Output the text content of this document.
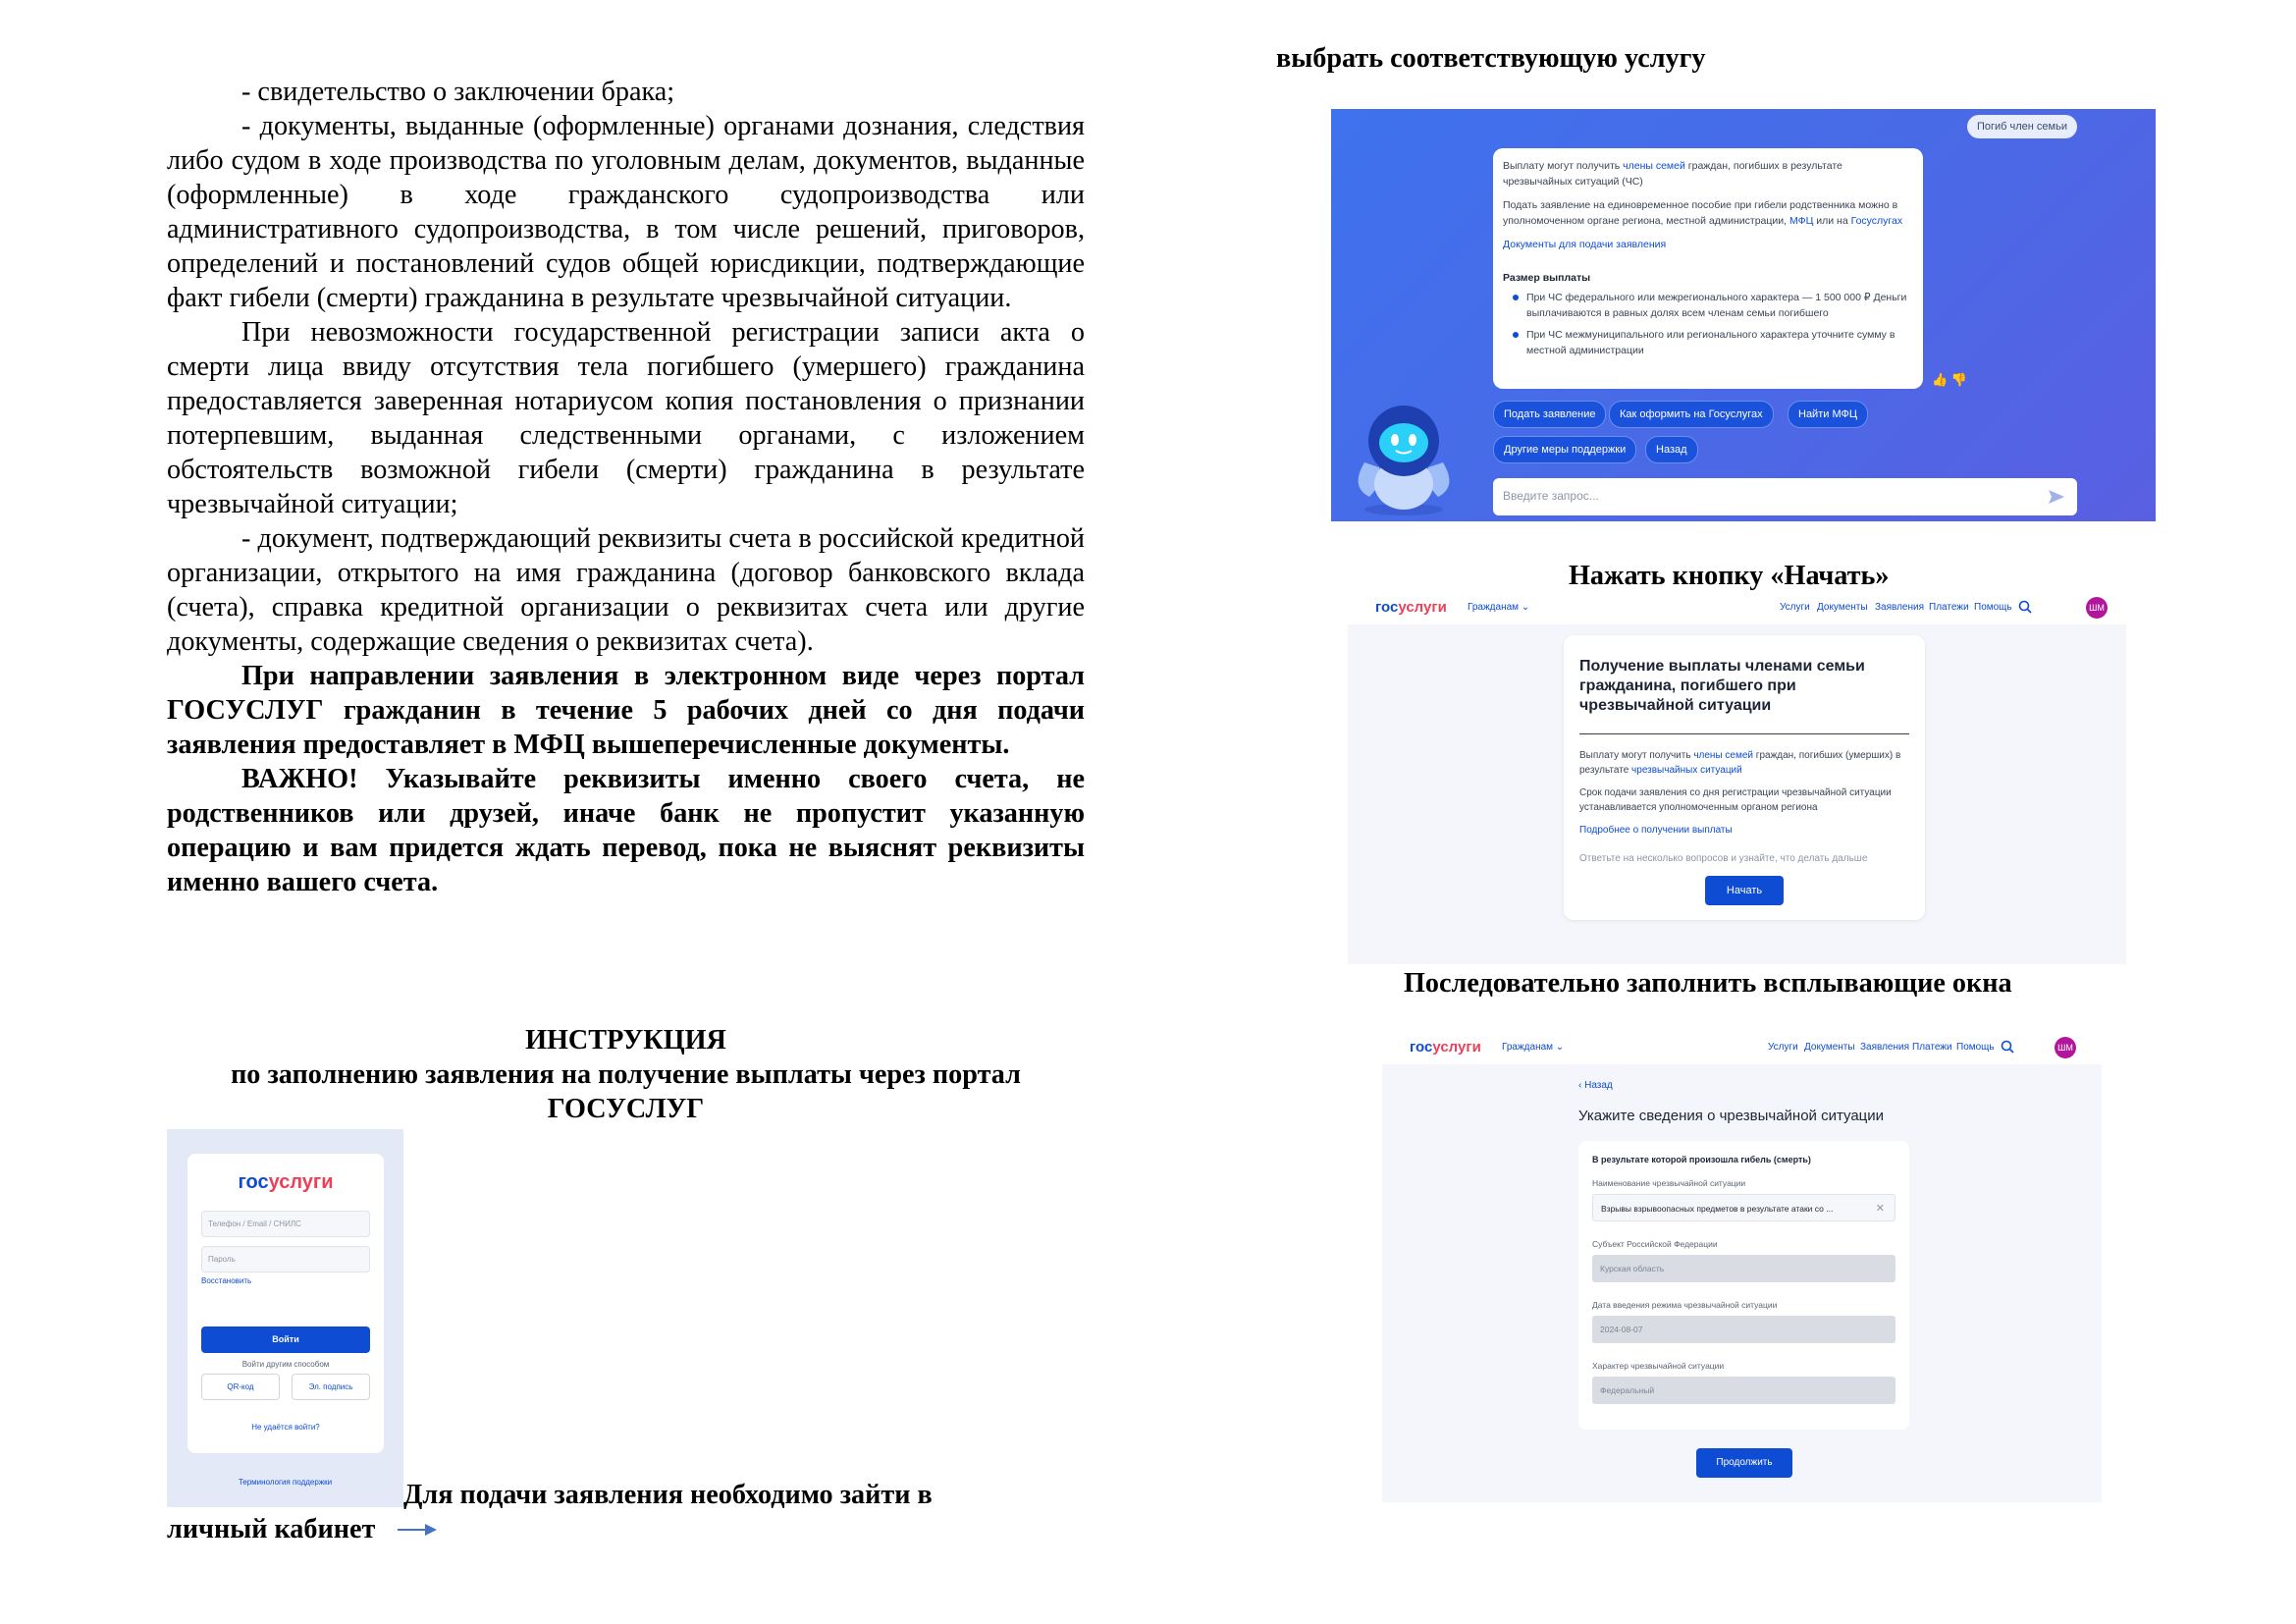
- свидетельство о заключении брака;

- документы, выданные (оформленные) органами дознания, следствия либо судом в ходе производства по уголовным делам, документов, выданные (оформленные) в ходе гражданского судопроизводства или административного судопроизводства, в том числе решений, приговоров, определений и постановлений судов общей юрисдикции, подтверждающие факт гибели (смерти) гражданина в результате чрезвычайной ситуации.

При невозможности государственной регистрации записи акта о смерти лица ввиду отсутствия тела погибшего (умершего) гражданина предоставляется заверенная нотариусом копия постановления о признании потерпевшим, выданная следственными органами, с изложением обстоятельств возможной гибели (смерти) гражданина в результате чрезвычайной ситуации;

- документ, подтверждающий реквизиты счета в российской кредитной организации, открытого на имя гражданина (договор банковского вклада (счета), справка кредитной организации о реквизитах счета или другие документы, содержащие сведения о реквизитах счета).

При направлении заявления в электронном виде через портал ГОСУСЛУГ гражданин в течение 5 рабочих дней со дня подачи заявления предоставляет в МФЦ вышеперечисленные документы.

ВАЖНО! Указывайте реквизиты именно своего счета, не родственников или друзей, иначе банк не пропустит указанную операцию и вам придется ждать перевод, пока не выяснят реквизиты именно вашего счета.

ИНСТРУКЦИЯ
по заполнению заявления на получение выплаты через портал
ГОСУСЛУГ
госуслуги
Телефон / Email / СНИЛС
Пароль
Восстановить
Войти
Войти другим способом
QR-код	Эл. подпись
Не удаётся войти?
Терминология поддержки	Для подачи заявления необходимо зайти в
личный кабинет
выбрать соответствующую услугу
Нажать кнопку «Начать»
Последовательно заполнить всплывающие окна
Погиб член семьи
Выплату могут получить члены семей граждан, погибших в результате чрезвычайных ситуаций (ЧС)
Подать заявление на единовременное пособие при гибели родственника можно в уполномоченном органе региона, местной администрации, МФЦ или на Госуслугах
Документы для подачи заявления
Размер выплаты
При ЧС федерального или межрегионального характера — 1 500 000 ₽ Деньги выплачиваются в равных долях всем членам семьи погибшего
При ЧС межмуниципального или регионального характера уточните сумму в местной администрации
👍 👎
Подать заявление	Как оформить на Госуслугах	Найти МФЦ
Другие меры поддержки	Назад
Введите запрос...
госуслуги Гражданам ⌄	Услуги Документы Заявления Платежи Помощь	ШМ
Получение выплаты членами семьи гражданина, погибшего при чрезвычайной ситуации
Выплату могут получить члены семей граждан, погибших (умерших) в результате чрезвычайных ситуаций
Срок подачи заявления со дня регистрации чрезвычайной ситуации устанавливается уполномоченным органом региона
Подробнее о получении выплаты
Ответьте на несколько вопросов и узнайте, что делать дальше
Начать
госуслуги Гражданам ⌄	Услуги Документы Заявления Платежи Помощь	ШМ
‹ Назад
Укажите сведения о чрезвычайной ситуации
В результате которой произошла гибель (смерть)
Наименование чрезвычайной ситуации
Взрывы взрывоопасных предметов в результате атаки со ...	✕
Субъект Российской Федерации
Курская область
Дата введения режима чрезвычайной ситуации
2024-08-07
Характер чрезвычайной ситуации
Федеральный
Продолжить
